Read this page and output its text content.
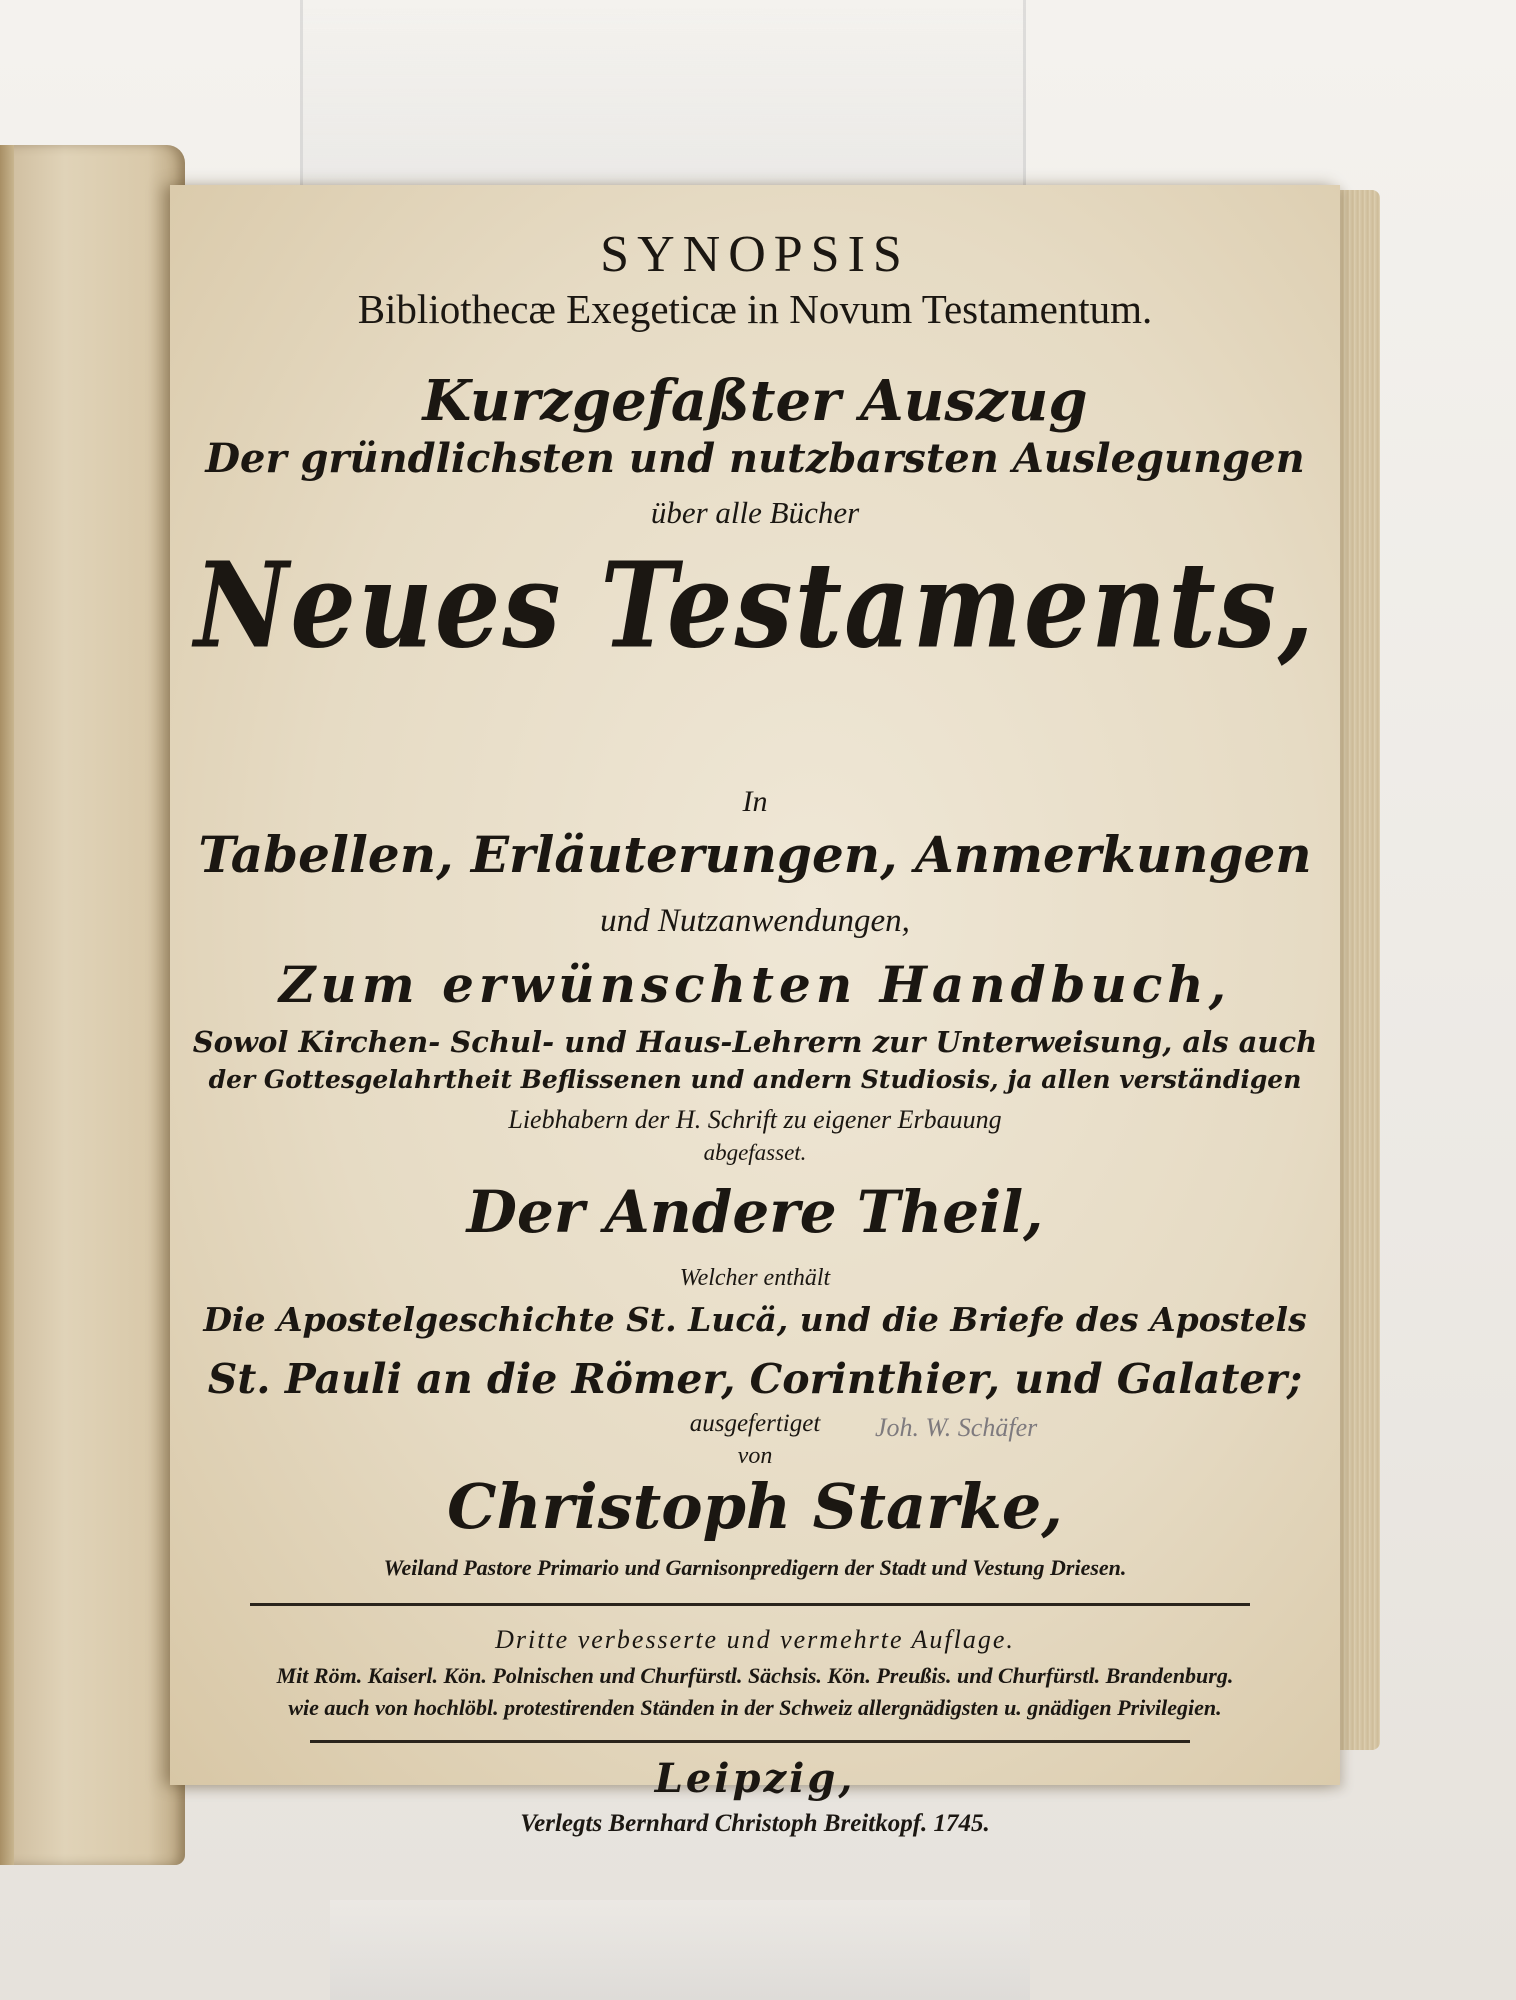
SYNOPSIS
Bibliothecæ Exegeticæ in Novum Testamentum.
Kurzgefaßter Auszug
Der gründlichsten und nutzbarsten Auslegungen
über alle Bücher
Neues Testaments,
In
Tabellen, Erläuterungen, Anmerkungen
und Nutzanwendungen,
Zum erwünschten Handbuch,
Sowol Kirchen- Schul- und Haus-Lehrern zur Unterweisung, als auch
der Gottesgelahrtheit Beflissenen und andern Studiosis, ja allen verständigen
Liebhabern der H. Schrift zu eigener Erbauung
abgefasset.
Der Andere Theil,
Welcher enthält
Die Apostelgeschichte St. Lucä, und die Briefe des Apostels
St. Pauli an die Römer, Corinthier, und Galater;
ausgefertiget	Joh. W. Schäfer
von
Christoph Starke,
Weiland Pastore Primario und Garnisonpredigern der Stadt und Vestung Driesen.
Dritte verbesserte und vermehrte Auflage.
Mit Röm. Kaiserl. Kön. Polnischen und Churfürstl. Sächsis. Kön. Preußis. und Churfürstl. Brandenburg.
wie auch von hochlöbl. protestirenden Ständen in der Schweiz allergnädigsten u. gnädigen Privilegien.
Leipzig,
Verlegts Bernhard Christoph Breitkopf. 1745.
